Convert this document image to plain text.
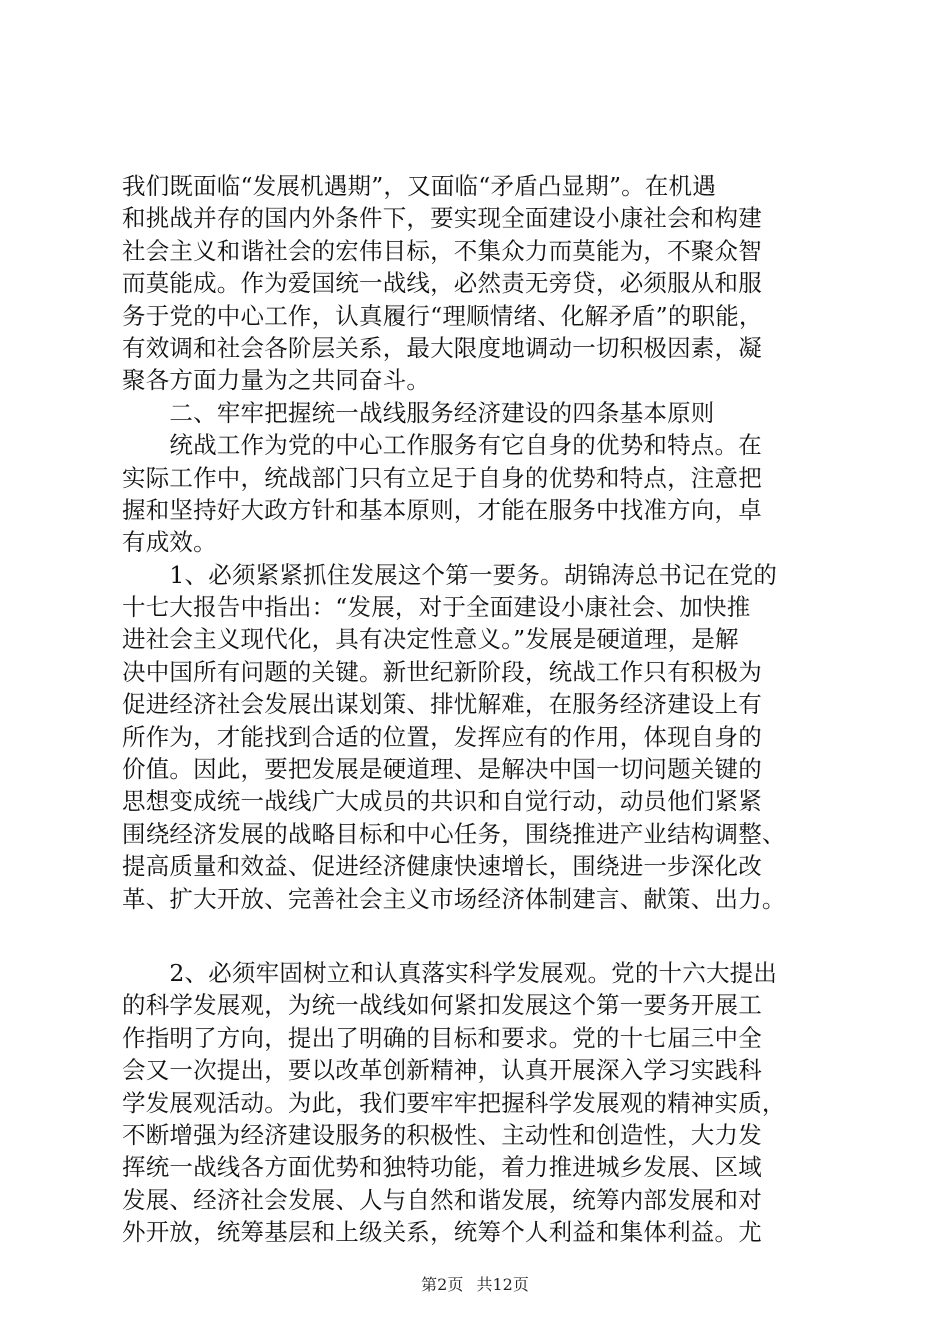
我们既面临“发展机遇期”，又面临“矛盾凸显期”。在机遇
和挑战并存的国内外条件下，要实现全面建设小康社会和构建
社会主义和谐社会的宏伟目标，不集众力而莫能为，不聚众智
而莫能成。作为爱国统一战线，必然责无旁贷，必须服从和服
务于党的中心工作，认真履行“理顺情绪、化解矛盾”的职能，
有效调和社会各阶层关系，最大限度地调动一切积极因素，凝
聚各方面力量为之共同奋斗。
　　二、牢牢把握统一战线服务经济建设的四条基本原则
　　统战工作为党的中心工作服务有它自身的优势和特点。在
实际工作中，统战部门只有立足于自身的优势和特点，注意把
握和坚持好大政方针和基本原则，才能在服务中找准方向，卓
有成效。
　　1、必须紧紧抓住发展这个第一要务。胡锦涛总书记在党的
十七大报告中指出：“发展，对于全面建设小康社会、加快推
进社会主义现代化，具有决定性意义。”发展是硬道理，是解
决中国所有问题的关键。新世纪新阶段，统战工作只有积极为
促进经济社会发展出谋划策、排忧解难，在服务经济建设上有
所作为，才能找到合适的位置，发挥应有的作用，体现自身的
价值。因此，要把发展是硬道理、是解决中国一切问题关键的
思想变成统一战线广大成员的共识和自觉行动，动员他们紧紧
围绕经济发展的战略目标和中心任务，围绕推进产业结构调整、
提高质量和效益、促进经济健康快速增长，围绕进一步深化改
革、扩大开放、完善社会主义市场经济体制建言、献策、出力。
　　2、必须牢固树立和认真落实科学发展观。党的十六大提出
的科学发展观，为统一战线如何紧扣发展这个第一要务开展工
作指明了方向，提出了明确的目标和要求。党的十七届三中全
会又一次提出，要以改革创新精神，认真开展深入学习实践科
学发展观活动。为此，我们要牢牢把握科学发展观的精神实质，
不断增强为经济建设服务的积极性、主动性和创造性，大力发
挥统一战线各方面优势和独特功能，着力推进城乡发展、区域
发展、经济社会发展、人与自然和谐发展，统筹内部发展和对
外开放，统筹基层和上级关系，统筹个人利益和集体利益。尤
第2页 共12页
